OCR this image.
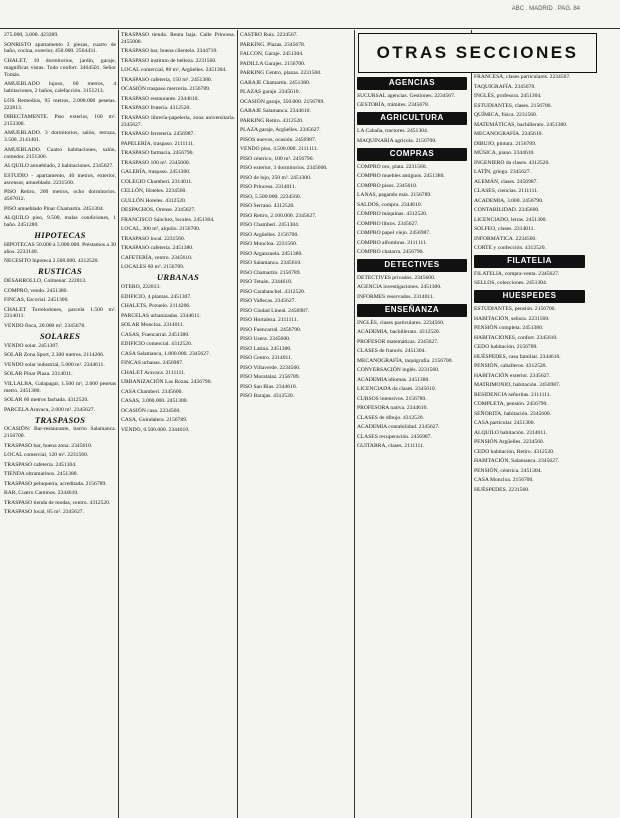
ABC . MADRID . PAG. 84
275.000, 3.000. 423389.
SONRISTO apartamento 2 piezas, cuarto de baño, cocina, exterior, 450.000. 2564431.
CHALET, 10 dormitorios, jardín, garaje, magníficas vistas. Todo confort. 3464501. Señor Tomás.
AMUEBLADO lujoso, 60 metros, 4 habitaciones, 2 baños, calefacción. 3151213.
LOS Remedios, 95 metros, 2.000.000 pesetas. 222813.
DIRECTAMENTE. Piso exterior, 160 m². 2153306.
AMUEBLADO. 3 dormitorios, salón, terraza, 3.500. 2141401.
AMUEBLADO. Cuatro habitaciones, salón, comedor. 2151306.
ALQUILO amueblado, 2 habitaciones. 2345627.
ESTUDIO - apartamento, 40 metros, exterior, ascensor, amueblado. 2231560.
PISO Retiro, 200 metros, ocho dormitorios. 4567012.
PISO amueblado Pinar Chamartín. 2451304.
ALQUILO piso, 9.500, malas condiciones, 1 baño. 2451280.
HIPOTECAS
HIPOTECAS 50.000 a 5.000.000. Préstamos a 30 años. 2233148.
NECESITO hipoteca 2.500.000. 4312520.
RUSTICAS
DESARROLLO, Colmenar. 222813.
COMPRO, vendo. 2451380.
FINCAS, Escorial. 2451300.
CHALET Torrelodones, parcela 1.500 m². 2314011.
VENDO finca, 20.000 m². 2345678.
SOLARES
VENDO solar. 2451307.
SOLAR Zona Sport, 2.300 metros. 2114206.
VENDO solar industrial, 5.000 m². 2344611.
SOLAR Pinar Plaza. 2314011.
VILLALBA, Galapagar, 1.500 m², 2.000 pesetas metro. 2451380.
SOLAR 60 metros fachada. 4312520.
PARCELA Aravaca, 2.000 m². 2345627.
TRASPASOS
OCASIÓN: Bar-restaurante, barrio Salamanca. 2156700.
TRASPASO bar, buena zona. 2345610.
LOCAL comercial, 120 m². 2231560.
TRASPASO cafetería. 2451304.
TIENDA ultramarinos. 2451380.
TRASPASO peluquería, acreditada. 2156789.
BAR, Cuatro Caminos. 2344610.
TRASPASO tienda de modas, centro. 4312520.
TRASPASO local, 85 m². 2345627.
TRASPASO tienda. Renta baja. Calle Princesa. 2455000.
TRASPASO bar, buena clientela. 2344710.
TRASPASO instituto de belleza. 2231560.
LOCAL comercial, 80 m², Argüelles. 2451304.
TRASPASO cafetería, 150 m². 2451380.
OCASIÓN traspaso mercería. 2156789.
TRASPASO restaurante. 2344610.
TRASPASO frutería. 4312520.
TRASPASO librería-papelería, zona universitaria. 2345627.
TRASPASO ferretería. 2456987.
PAPELERÍA, traspaso. 2111111.
TRASPASO farmacia. 2456790.
TRASPASO 100 m². 2345600.
GALERÍA, traspaso. 2451300.
COLEGIO Chamberí. 2314011.
CELLÓN, Hoteles. 2234560.
GULLÓN Hoteles. 4312520.
DESPACHOS, Orense. 2345627.
FRANCISCO Sánchez, locales. 2451304.
LOCAL, 300 m², alquilo. 2156700.
TRASPASO local. 2231560.
TRASPASO cafetería. 2451380.
CAFETERÍA, centro. 2345610.
LOCALES 60 m². 2156789.
URBANAS
OTERO, 222813.
EDIFICIO, 4 plantas. 2451307.
CHALETS, Pozuelo. 2114206.
PARCELAS urbanizadas. 2344611.
SOLAR Moncloa. 2314011.
CASAS, Fuencarral. 2451380.
EDIFICIO comercial. 4312520.
CASA Salamanca, 1.800.000. 2345627.
FINCAS urbanas. 2456987.
CHALET Aravaca. 2111111.
URBANIZACIÓN Las Rozas. 2456790.
CASA Chamberí. 2345600.
CASAS, 3.000.000. 2451300.
OCASIÓN casa. 2234560.
CASA, Guindalera. 2156789.
VENDO, 6.500.000. 2344610.
CASTRO Ruiz. 2234567.
PARKING. Plazas. 2345678.
FALCON, Garaje. 2451304.
PADILLA Garajes. 2156700.
PARKING Centro, plazas. 2231560.
GARAJE Chamartín. 2451380.
PLAZAS garaje. 2345610.
OCASIÓN garaje, 350.000. 2156789.
GARAJE Salamanca. 2344610.
PARKING Retiro. 4312520.
PLAZA garaje, Argüelles. 2345627.
PISOS nuevos, ocasión. 2456987.
VENDO piso, 4.500.000. 2111111.
PISO céntrico, 100 m². 2456790.
PISO exterior, 3 dormitorios. 2345600.
PISO de lujo, 250 m². 2451300.
PISO Princesa. 2314011.
PISO, 5.500.000. 2234560.
PISO Serrano. 4312520.
PISO Retiro, 2.100.000. 2345627.
PISO Chamberí. 2451304.
PISO Argüelles. 2156700.
PISO Moncloa. 2231560.
PISO Arganzuela. 2451380.
PISO Salamanca. 2345610.
PISO Chamartín. 2156789.
PISO Tetuán. 2344610.
PISO Carabanchel. 4312520.
PISO Vallecas. 2345627.
PISO Ciudad Lineal. 2456987.
PISO Hortaleza. 2111111.
PISO Fuencarral. 2456790.
PISO Usera. 2345600.
PISO Latina. 2451300.
PISO Centro. 2314011.
PISO Villaverde. 2234560.
PISO Moratalaz. 2156789.
PISO San Blas. 2344610.
PISO Barajas. 4312520.
AGENCIAS
SUCURSAL agencias. Gestiones. 2234567.
GESTORÍA, trámites. 2345678.
AGRICULTURA
LA Cabaña, tractores. 2451304.
MAQUINARIA agrícola. 2156700.
COMPRAS
COMPRO oro, plata. 2231560.
COMPRO muebles antiguos. 2451380.
COMPRO pisos. 2345610.
LANAS, pagando más. 2156789.
SALDOS, compra. 2344610.
COMPRO máquinas. 4312520.
COMPRO libros. 2345627.
COMPRO papel viejo. 2456987.
COMPRO alfombras. 2111111.
COMPRO chatarra. 2456790.
DETECTIVES
DETECTIVES privados. 2345600.
AGENCIA investigaciones. 2451300.
INFORMES reservados. 2314011.
ENSEÑANZA
INGLÉS, clases particulares. 2234560.
ACADEMIA, bachillerato. 4312520.
PROFESOR matemáticas. 2345627.
CLASES de francés. 2451304.
MECANOGRAFÍA, taquigrafía. 2156700.
CONVERSACIÓN inglés. 2231560.
ACADEMIA idiomas. 2451380.
LICENCIADA da clases. 2345610.
CURSOS intensivos. 2156789.
PROFESORA nativa. 2344610.
CLASES de dibujo. 4312520.
ACADEMIA contabilidad. 2345627.
CLASES recuperación. 2456987.
GUITARRA, clases. 2111111.
FRANCESA, clases particulares. 2234567.
TAQUIGRAFÍA. 2345678.
INGLÉS, profesora. 2451304.
ESTUDIANTES, clases. 2156700.
QUÍMICA, física. 2231560.
MATEMÁTICAS, bachillerato. 2451380.
MECANOGRAFÍA. 2345610.
DIBUJO, pintura. 2156789.
MÚSICA, piano. 2344610.
INGENIERO da clases. 4312520.
LATÍN, griego. 2345627.
ALEMÁN, clases. 2456987.
CLASES, ciencias. 2111111.
ACADEMIA, 3.000. 2456790.
CONTABILIDAD. 2345600.
LICENCIADO, letras. 2451300.
SOLFEO, clases. 2314011.
INFORMÁTICA. 2234560.
CORTE y confección. 4312520.
FILATELIA
FILATELIA, compra-venta. 2345627.
SELLOS, colecciones. 2451304.
HUESPEDES
ESTUDIANTES, pensión. 2156700.
HABITACIÓN, señora. 2231560.
PENSIÓN completa. 2451380.
HABITACIONES, confort. 2345610.
CEDO habitación. 2156789.
HUÉSPEDES, casa familiar. 2344610.
PENSIÓN, caballeros. 4312520.
HABITACIÓN exterior. 2345627.
MATRIMONIO, habitación. 2456987.
RESIDENCIA señoritas. 2111111.
COMPLETA, pensión. 2456790.
SEÑORITA, habitación. 2345600.
CASA particular. 2451300.
ALQUILO habitación. 2314011.
PENSIÓN Argüelles. 2234560.
CEDO habitación, Retiro. 4312520.
HABITACIÓN, Salamanca. 2345627.
PENSIÓN, céntrica. 2451304.
CASA Moncloa. 2156700.
HUÉSPEDES. 2231560.
OTRAS SECCIONES
